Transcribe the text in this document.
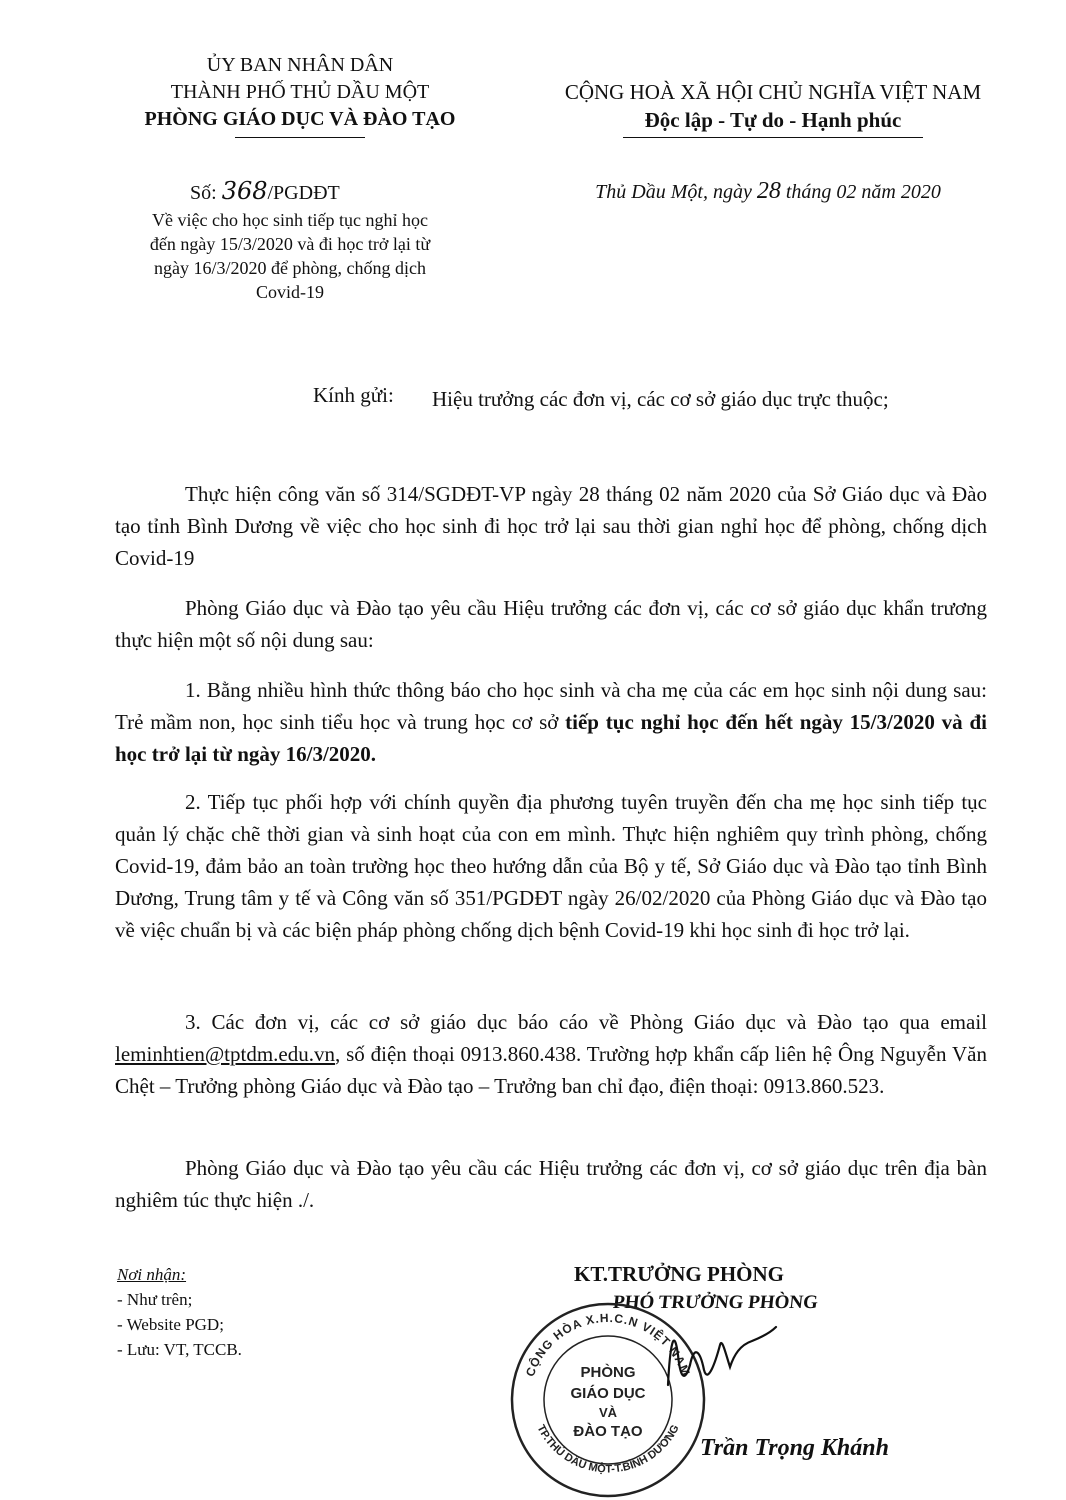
ỦY BAN NHÂN DÂN
THÀNH PHỐ THỦ DẦU MỘT
PHÒNG GIÁO DỤC VÀ ĐÀO TẠO
CỘNG HOÀ XÃ HỘI CHỦ NGHĨA VIỆT NAM
Độc lập - Tự do - Hạnh phúc
Số: 368/PGDĐT
Về việc cho học sinh tiếp tục nghỉ học
đến ngày 15/3/2020 và đi học trở lại từ
ngày 16/3/2020 để phòng, chống dịch
Covid-19
Thủ Dầu Một, ngày 28 tháng 02 năm 2020
Kính gửi: Hiệu trưởng các đơn vị, các cơ sở giáo dục trực thuộc;
Thực hiện công văn số 314/SGDĐT-VP ngày 28 tháng 02 năm 2020 của Sở Giáo dục và Đào tạo tỉnh Bình Dương về việc cho học sinh đi học trở lại sau thời gian nghỉ học để phòng, chống dịch Covid-19
Phòng Giáo dục và Đào tạo yêu cầu Hiệu trưởng các đơn vị, các cơ sở giáo dục khẩn trương thực hiện một số nội dung sau:
1. Bằng nhiều hình thức thông báo cho học sinh và cha mẹ của các em học sinh nội dung sau: Trẻ mầm non, học sinh tiểu học và trung học cơ sở tiếp tục nghỉ học đến hết ngày 15/3/2020 và đi học trở lại từ ngày 16/3/2020.
2. Tiếp tục phối hợp với chính quyền địa phương tuyên truyền đến cha mẹ học sinh tiếp tục quản lý chặc chẽ thời gian và sinh hoạt của con em mình. Thực hiện nghiêm quy trình phòng, chống Covid-19, đảm bảo an toàn trường học theo hướng dẫn của Bộ y tế, Sở Giáo dục và Đào tạo tỉnh Bình Dương, Trung tâm y tế và Công văn số 351/PGDĐT ngày 26/02/2020 của Phòng Giáo dục và Đào tạo về việc chuẩn bị và các biện pháp phòng chống dịch bệnh Covid-19 khi học sinh đi học trở lại.
3. Các đơn vị, các cơ sở giáo dục báo cáo về Phòng Giáo dục và Đào tạo qua email leminhtien@tptdm.edu.vn, số điện thoại 0913.860.438. Trường hợp khẩn cấp liên hệ Ông Nguyễn Văn Chệt – Trưởng phòng Giáo dục và Đào tạo – Trưởng ban chỉ đạo, điện thoại: 0913.860.523.
Phòng Giáo dục và Đào tạo yêu cầu các Hiệu trưởng các đơn vị, cơ sở giáo dục trên địa bàn nghiêm túc thực hiện ./.
Nơi nhận:
- Như trên;
- Website PGD;
- Lưu: VT, TCCB.
KT.TRƯỞNG PHÒNG
PHÓ TRƯỞNG PHÒNG
CỘNG HÒA X.H.C.N VIỆT NAM
TP.THỦ DẦU MỘT-T.BÌNH DƯƠNG
PHÒNG
GIÁO DỤC
VÀ
ĐÀO TẠO
Trần Trọng Khánh
